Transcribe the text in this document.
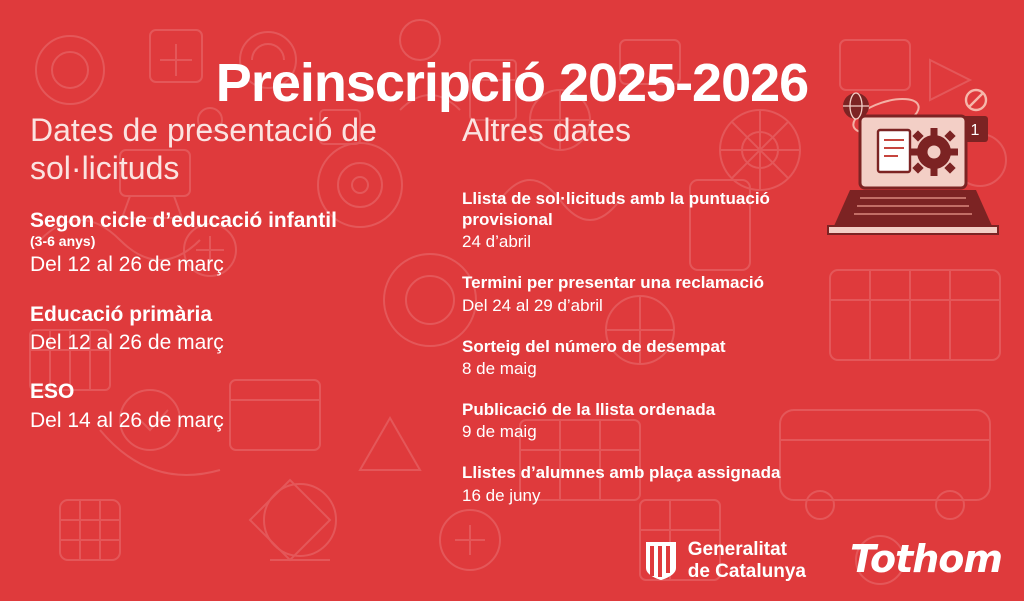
Preinscripció 2025-2026
Dates de presentació de sol·licituds
Segon cicle d’educació infantil
(3-6 anys)
Del 12 al 26 de març
Educació primària
Del 12 al 26 de març
ESO
Del 14 al 26 de març
Altres dates
Llista de sol·licituds amb la puntuació provisional
24 d’abril
Termini per presentar una reclamació
Del 24 al 29 d’abril
Sorteig del número de desempat
8 de maig
Publicació de la llista ordenada
9 de maig
Llistes d’alumnes amb plaça assignada
16 de juny
1
Generalitat
de Catalunya Tothom
